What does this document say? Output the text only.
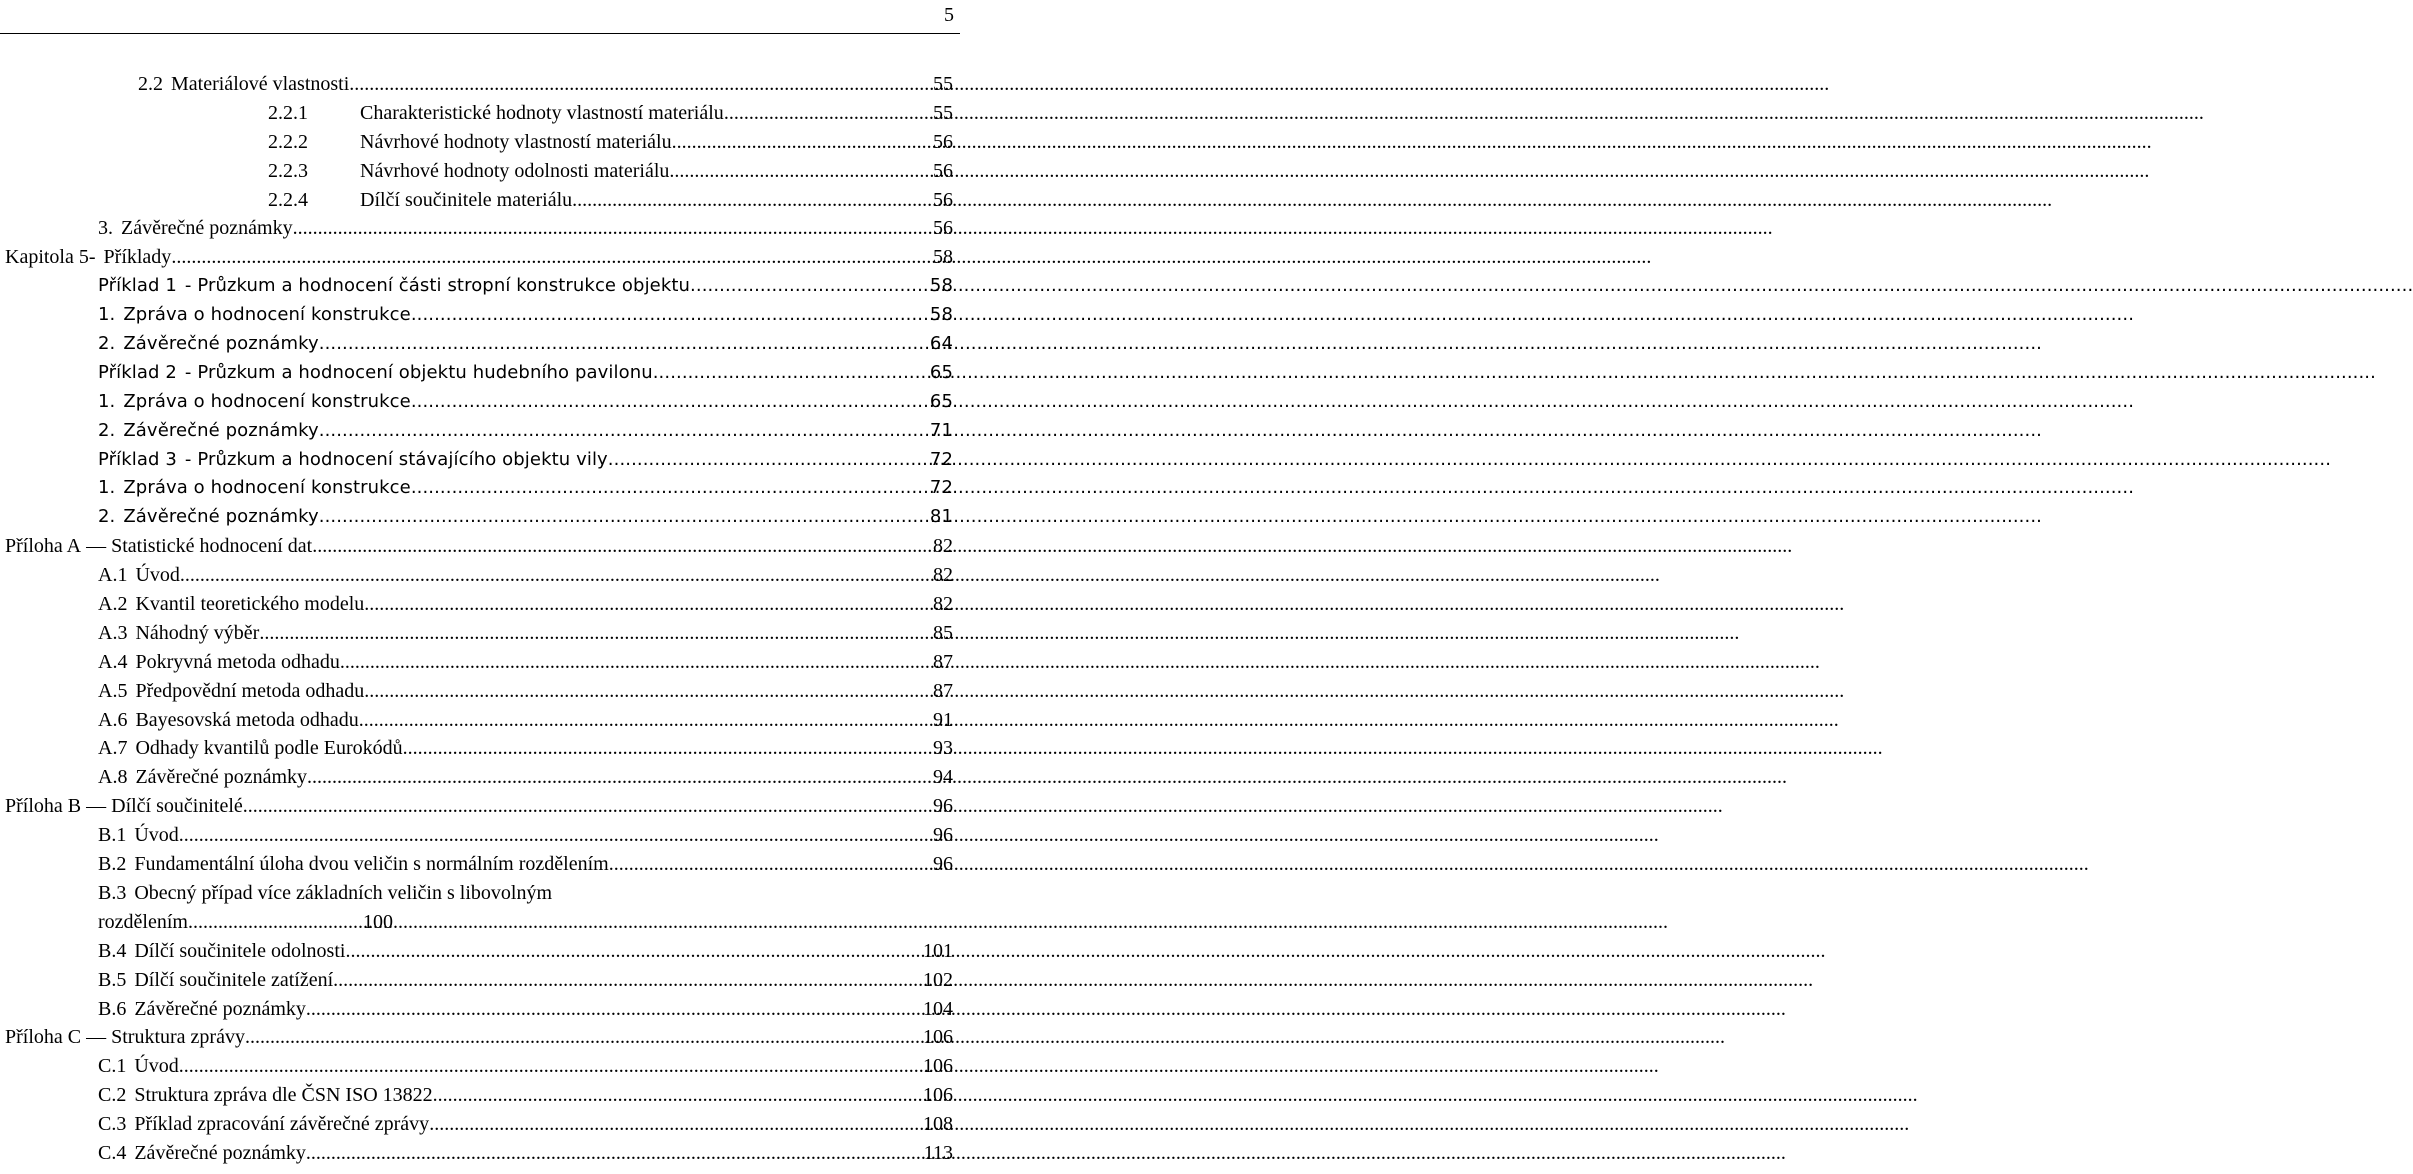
5
2.2 Materiálové vlastnosti .....	55
2.2.1	Charakteristické hodnoty vlastností materiálu .....	55
2.2.2	Návrhové hodnoty vlastností materiálu .....	56
2.2.3	Návrhové hodnoty odolnosti materiálu .....	56
2.2.4	Dílčí součinitele materiálu .....	56
3. Závěrečné poznámky .....	56
Kapitola 5- Příklady .....	58
Příklad 1 - Průzkum a hodnocení části stropní konstrukce objektu .....	58
1. Zpráva o hodnocení konstrukce .....	58
2. Závěrečné poznámky .....	64
Příklad 2 - Průzkum a hodnocení objektu hudebního pavilonu .....	65
1. Zpráva o hodnocení konstrukce .....	65
2. Závěrečné poznámky .....	71
Příklad 3 - Průzkum a hodnocení stávajícího objektu vily .....	72
1. Zpráva o hodnocení konstrukce .....	72
2. Závěrečné poznámky .....	81
Příloha A — Statistické hodnocení dat .....	82
A.1 Úvod .....	82
A.2 Kvantil teoretického modelu .....	82
A.3 Náhodný výběr .....	85
A.4 Pokryvná metoda odhadu .....	87
A.5 Předpovědní metoda odhadu .....	87
A.6 Bayesovská metoda odhadu .....	91
A.7 Odhady kvantilů podle Eurokódů .....	93
A.8 Závěrečné poznámky .....	94
Příloha B — Dílčí součinitelé .....	96
B.1 Úvod .....	96
B.2 Fundamentální úloha dvou veličin s normálním rozdělením .....	96
B.3 Obecný případ více základních veličin s libovolným
rozdělením .....	100
B.4 Dílčí součinitele odolnosti .....	101
B.5 Dílčí součinitele zatížení .....	102
B.6 Závěrečné poznámky .....	104
Příloha C — Struktura zprávy .....	106
C.1 Úvod .....	106
C.2 Struktura zpráva dle ČSN ISO 13822. .....	106
C.3 Příklad zpracování závěrečné zprávy .....	108
C.4 Závěrečné poznámky .....	113
